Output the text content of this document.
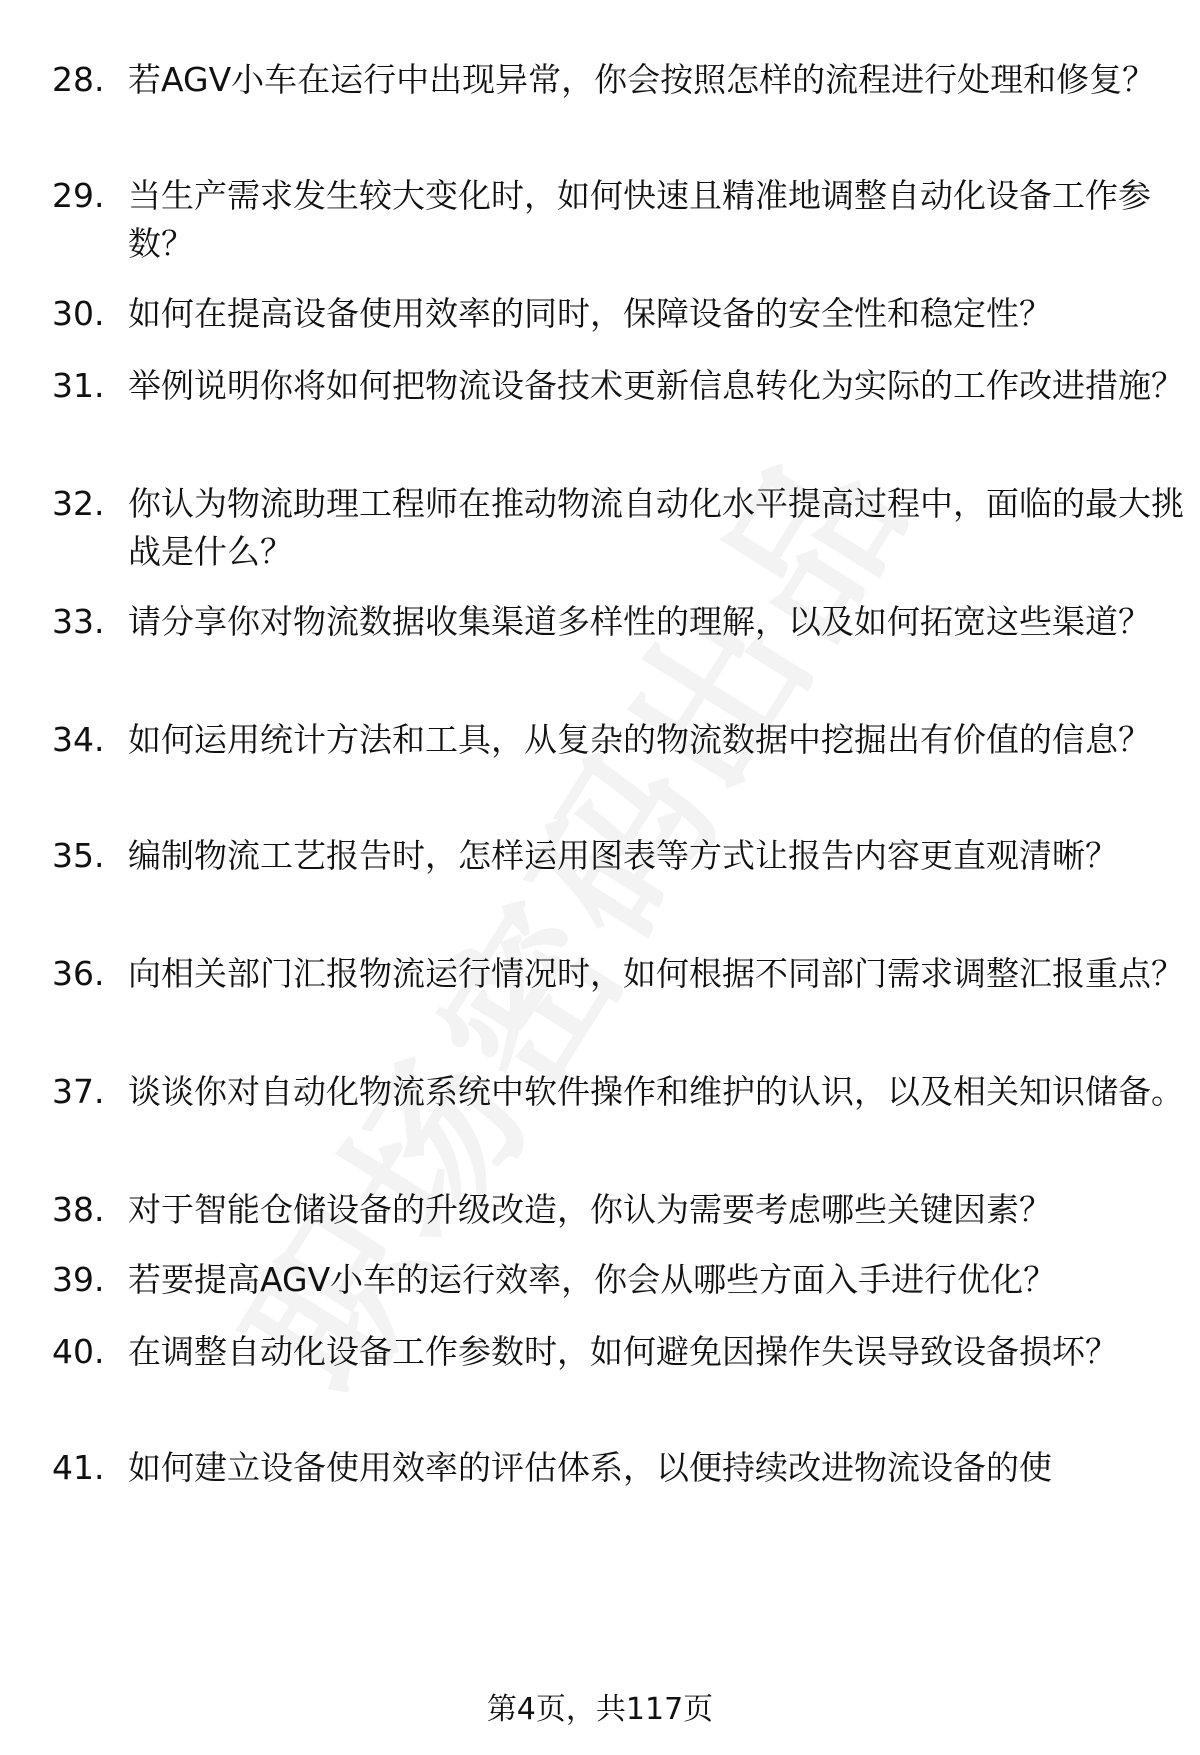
28. 若AGV小车在运行中出现异常，你会按照怎样的流程进行处理和修复？
29. 当生产需求发生较大变化时，如何快速且精准地调整自动化设备工作参数？
30. 如何在提高设备使用效率的同时，保障设备的安全性和稳定性？
31. 举例说明你将如何把物流设备技术更新信息转化为实际的工作改进措施？
32. 你认为物流助理工程师在推动物流自动化水平提高过程中，面临的最大挑战是什么？
33. 请分享你对物流数据收集渠道多样性的理解，以及如何拓宽这些渠道？
34. 如何运用统计方法和工具，从复杂的物流数据中挖掘出有价值的信息？
35. 编制物流工艺报告时，怎样运用图表等方式让报告内容更直观清晰？
36. 向相关部门汇报物流运行情况时，如何根据不同部门需求调整汇报重点？
37. 谈谈你对自动化物流系统中软件操作和维护的认识，以及相关知识储备。
38. 对于智能仓储设备的升级改造，你认为需要考虑哪些关键因素？
39. 若要提高AGV小车的运行效率，你会从哪些方面入手进行优化？
40. 在调整自动化设备工作参数时，如何避免因操作失误导致设备损坏？
41. 如何建立设备使用效率的评估体系，以便持续改进物流设备的使
第4页，共117页
